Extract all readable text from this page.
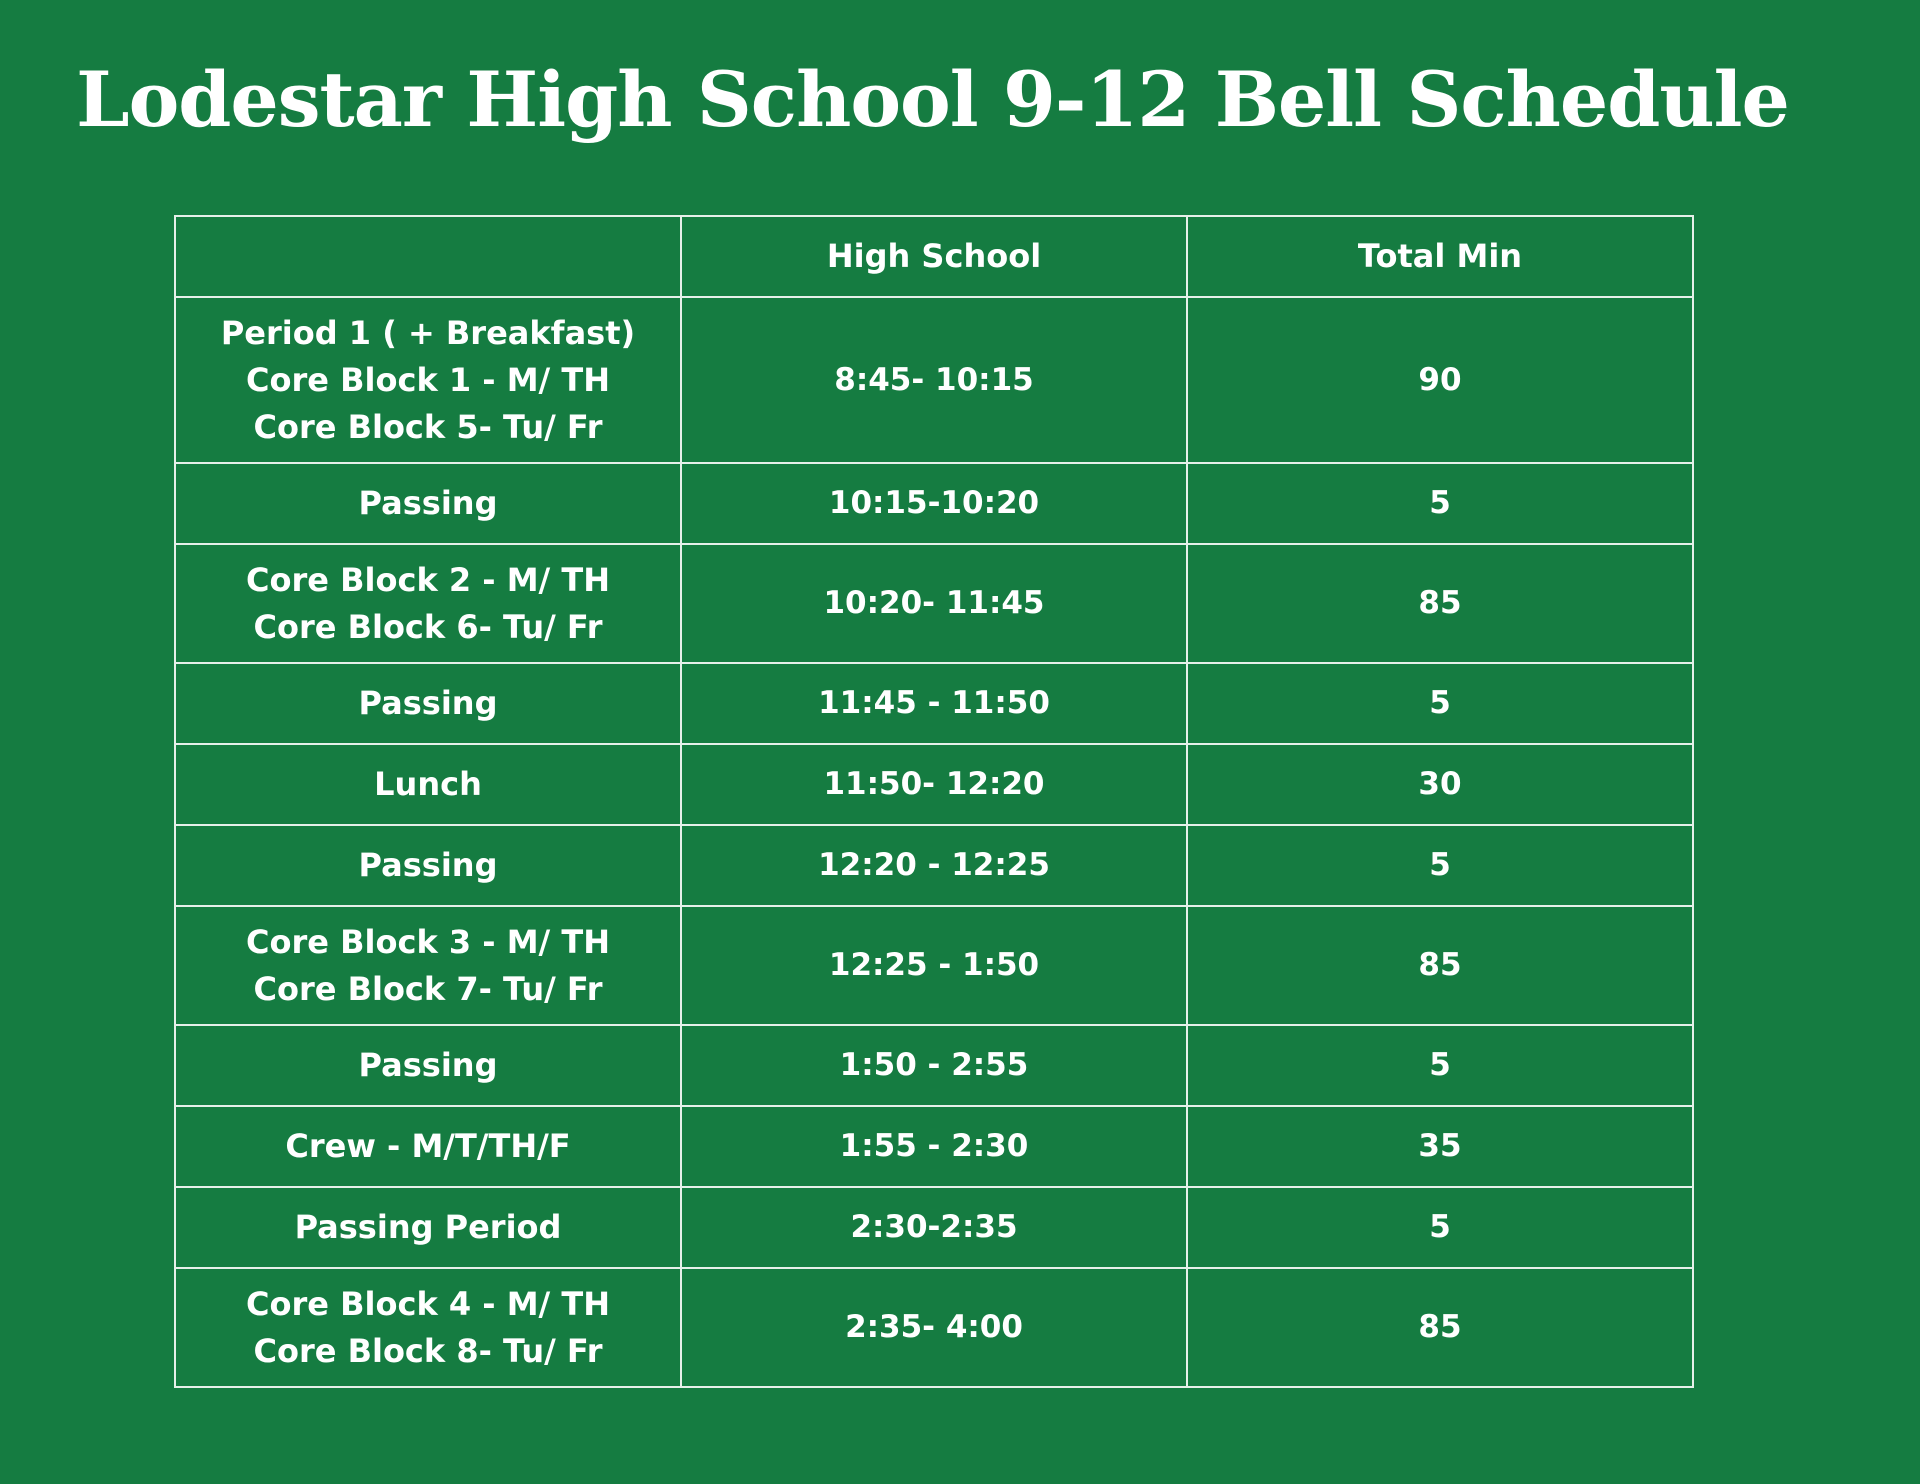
Lodestar High School 9-12 Bell Schedule
	High School	Total Min

Period 1 ( + Breakfast)
Core Block 1 - M/ TH
Core Block 5- Tu/ Fr	8:45- 10:15	90

Passing	10:15-10:20	5

Core Block 2 - M/ TH
Core Block 6- Tu/ Fr	10:20- 11:45	85

Passing	11:45 - 11:50	5

Lunch	11:50- 12:20	30

Passing	12:20 - 12:25	5

Core Block 3 - M/ TH
Core Block 7- Tu/ Fr	12:25 - 1:50	85

Passing	1:50 - 2:55	5

Crew - M/T/TH/F	1:55 - 2:30	35

Passing Period	2:30-2:35	5

Core Block 4 - M/ TH
Core Block 8- Tu/ Fr	2:35- 4:00	85
